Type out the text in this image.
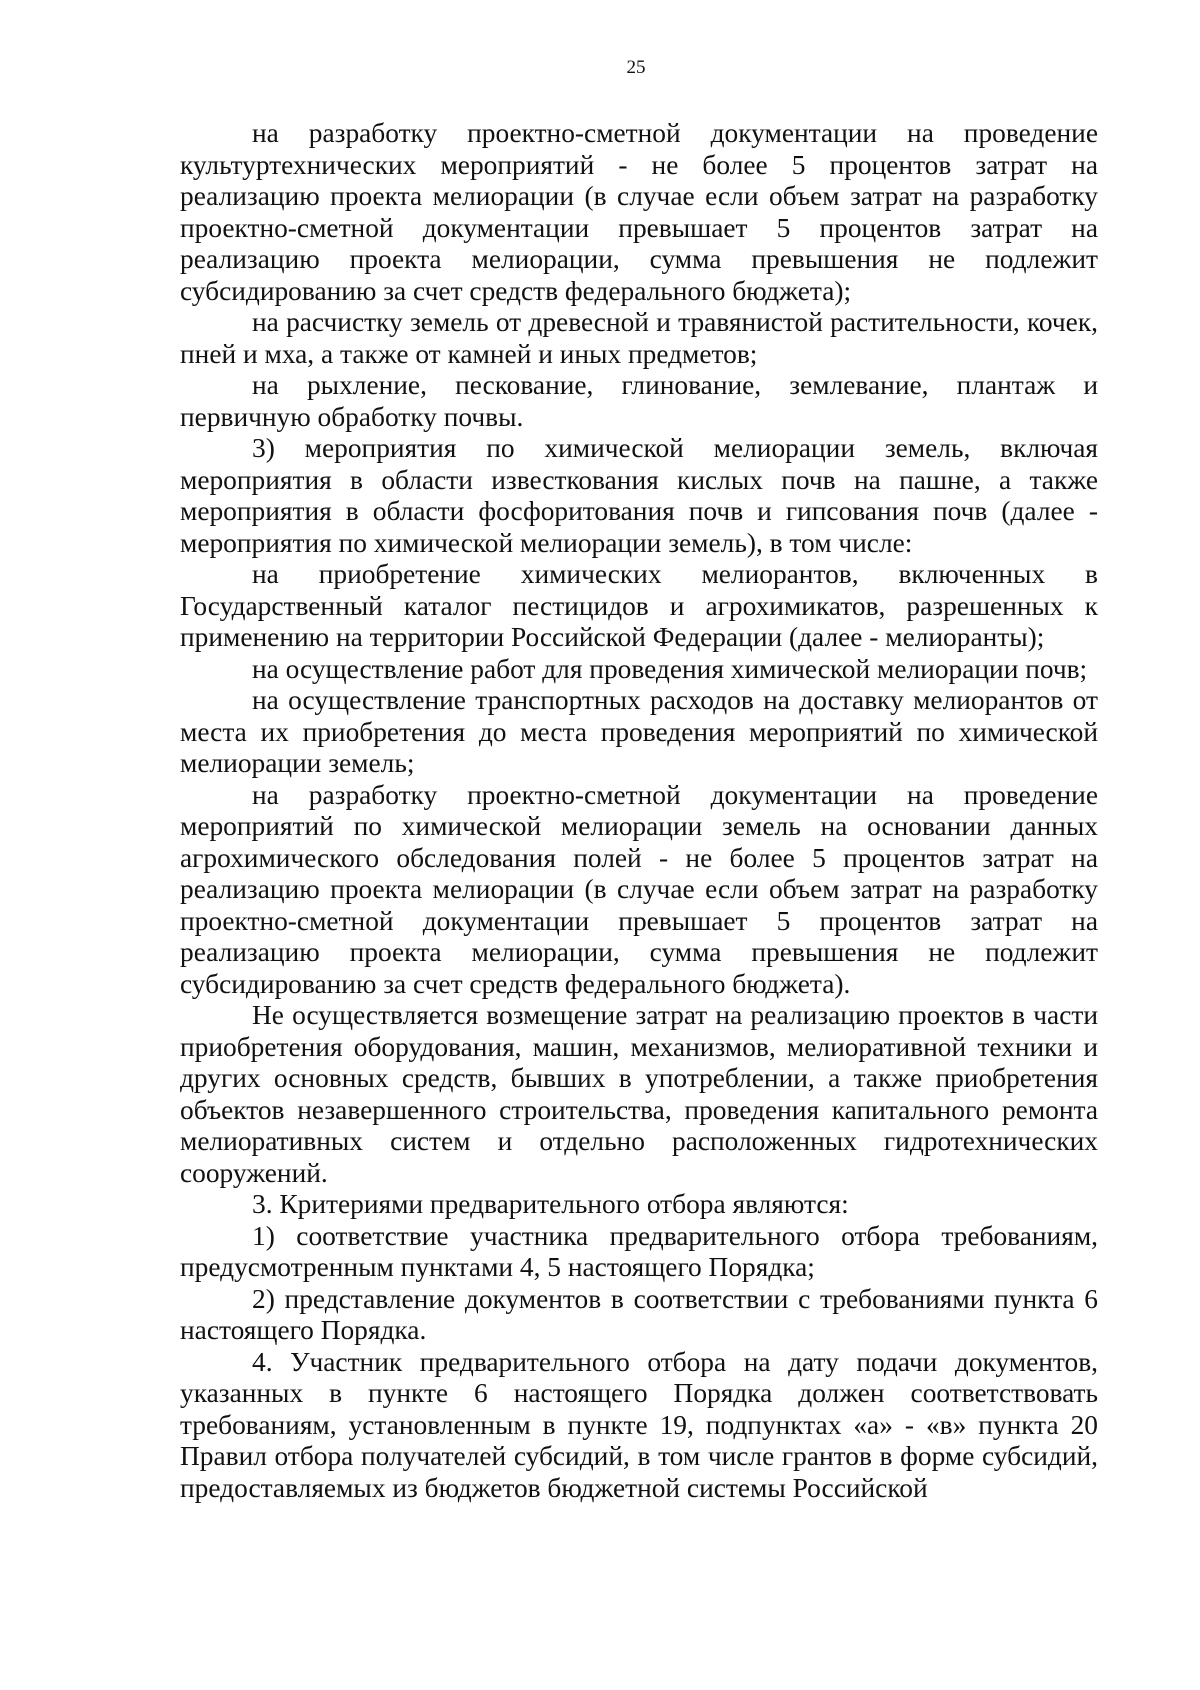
25

на разработку проектно-сметной документации на проведение культуртехнических мероприятий - не более 5 процентов затрат на реализацию проекта мелиорации (в случае если объем затрат на разработку проектно-сметной документации превышает 5 процентов затрат на реализацию проекта мелиорации, сумма превышения не подлежит субсидированию за счет средств федерального бюджета);

на расчистку земель от древесной и травянистой растительности, кочек, пней и мха, а также от камней и иных предметов;

на рыхление, пескование, глинование, землевание, плантаж и первичную обработку почвы.

3) мероприятия по химической мелиорации земель, включая мероприятия в области известкования кислых почв на пашне, а также мероприятия в области фосфоритования почв и гипсования почв (далее - мероприятия по химической мелиорации земель), в том числе:

на приобретение химических мелиорантов, включенных в Государственный каталог пестицидов и агрохимикатов, разрешенных к применению на территории Российской Федерации (далее - мелиоранты);

на осуществление работ для проведения химической мелиорации почв;

на осуществление транспортных расходов на доставку мелиорантов от места их приобретения до места проведения мероприятий по химической мелиорации земель;

на разработку проектно-сметной документации на проведение мероприятий по химической мелиорации земель на основании данных агрохимического обследования полей - не более 5 процентов затрат на реализацию проекта мелиорации (в случае если объем затрат на разработку проектно-сметной документации превышает 5 процентов затрат на реализацию проекта мелиорации, сумма превышения не подлежит субсидированию за счет средств федерального бюджета).

Не осуществляется возмещение затрат на реализацию проектов в части приобретения оборудования, машин, механизмов, мелиоративной техники и других основных средств, бывших в употреблении, а также приобретения объектов незавершенного строительства, проведения капитального ремонта мелиоративных систем и отдельно расположенных гидротехнических сооружений.

3. Критериями предварительного отбора являются:

1) соответствие участника предварительного отбора требованиям, предусмотренным пунктами 4, 5 настоящего Порядка;

2) представление документов в соответствии с требованиями пункта 6 настоящего Порядка.

4. Участник предварительного отбора на дату подачи документов, указанных в пункте 6 настоящего Порядка должен соответствовать требованиям, установленным в пункте 19, подпунктах «а» - «в» пункта 20 Правил отбора получателей субсидий, в том числе грантов в форме субсидий, предоставляемых из бюджетов бюджетной системы Российской
